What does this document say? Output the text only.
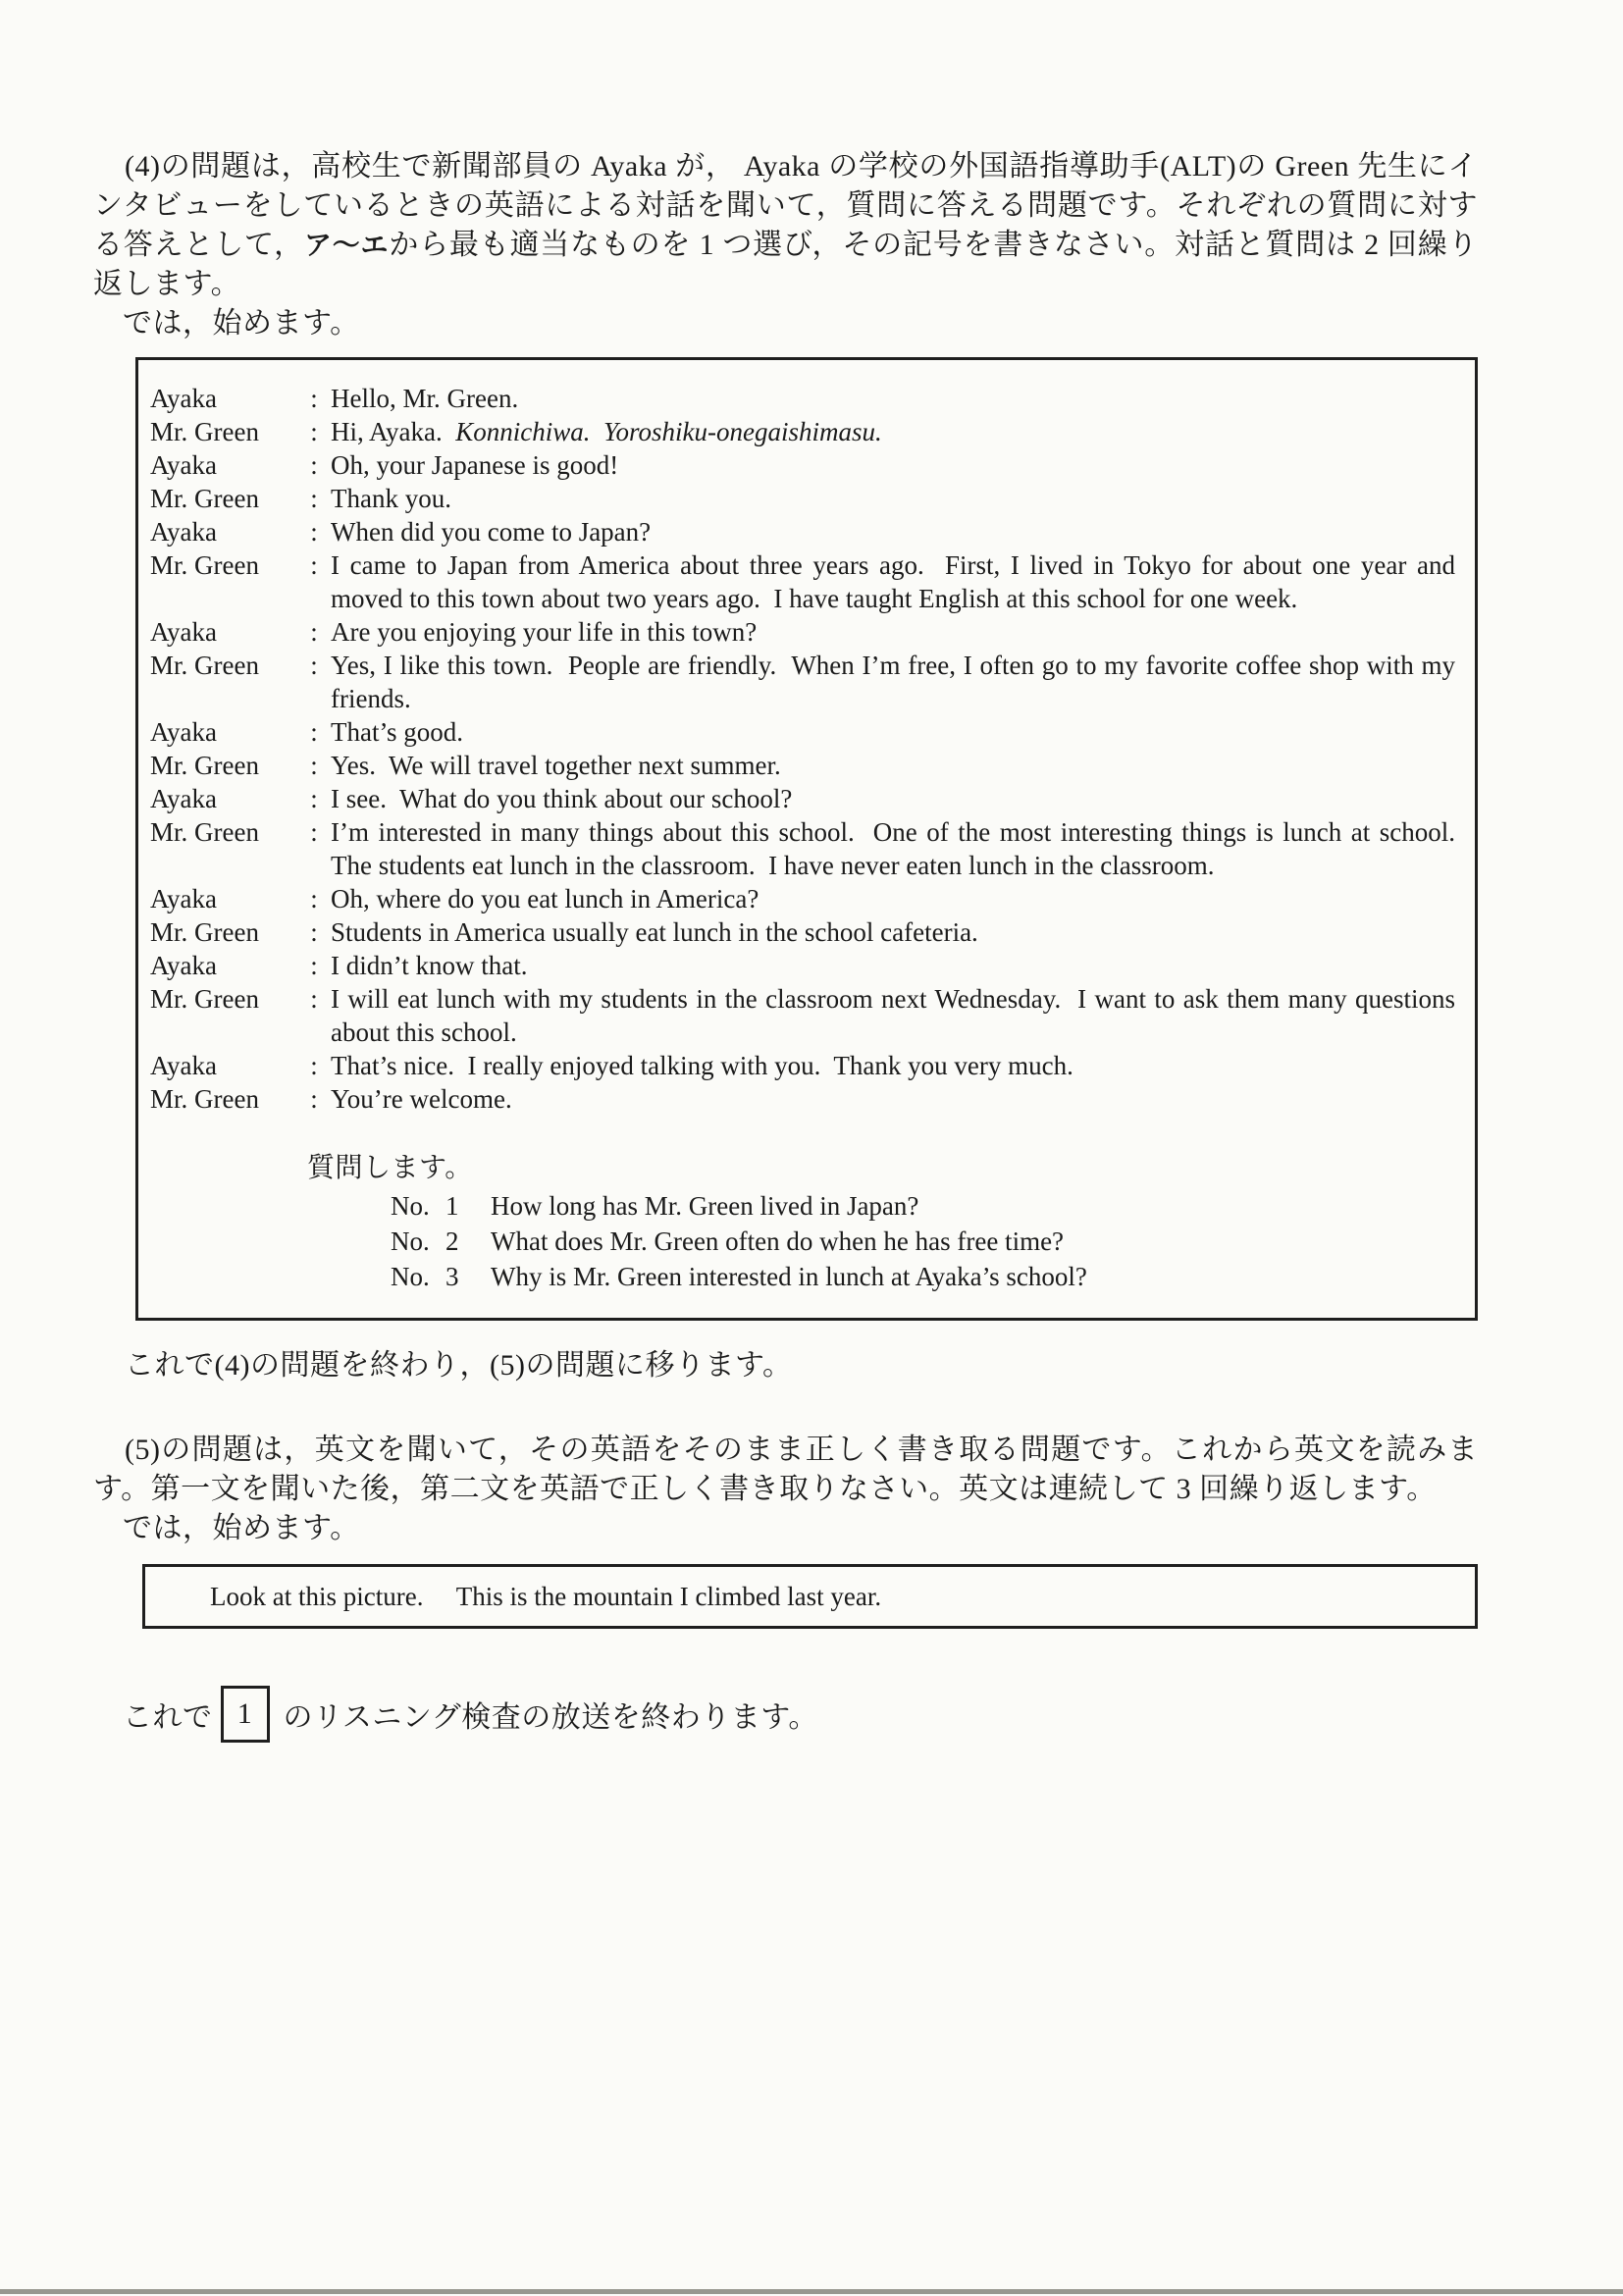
(4)の問題は，高校生で新聞部員の Ayaka が， Ayaka の学校の外国語指導助手(ALT)の Green 先生にインタビューをしているときの英語による対話を聞いて，質問に答える問題です。それぞれの質問に対する答えとして，ア～エから最も適当なものを 1 つ選び，その記号を書きなさい。対話と質問は 2 回繰り返します。

では，始めます。

Ayaka	: Hello, Mr. Green.
Mr. Green	: Hi, Ayaka.  Konnichiwa.  Yoroshiku-onegaishimasu.
Ayaka	: Oh, your Japanese is good!
Mr. Green	: Thank you.
Ayaka	: When did you come to Japan?
Mr. Green	: I came to Japan from America about three years ago.  First, I lived in Tokyo for about one year and moved to this town about two years ago.  I have taught English at this school for one week.
Ayaka	: Are you enjoying your life in this town?
Mr. Green	: Yes, I like this town.  People are friendly.  When I’m free, I often go to my favorite coffee shop with my friends.
Ayaka	: That’s good.
Mr. Green	: Yes.  We will travel together next summer.
Ayaka	: I see.  What do you think about our school?
Mr. Green	: I’m interested in many things about this school.  One of the most interesting things is lunch at school.  The students eat lunch in the classroom.  I have never eaten lunch in the classroom.
Ayaka	: Oh, where do you eat lunch in America?
Mr. Green	: Students in America usually eat lunch in the school cafeteria.
Ayaka	: I didn’t know that.
Mr. Green	: I will eat lunch with my students in the classroom next Wednesday.  I want to ask them many questions about this school.
Ayaka	: That’s nice.  I really enjoyed talking with you.  Thank you very much.
Mr. Green	: You’re welcome.

質問します。

No. 1	How long has Mr. Green lived in Japan?
No. 2	What does Mr. Green often do when he has free time?
No. 3	Why is Mr. Green interested in lunch at Ayaka’s school?

これで(4)の問題を終わり，(5)の問題に移ります。

(5)の問題は，英文を聞いて，その英語をそのまま正しく書き取る問題です。これから英文を読みます。第一文を聞いた後，第二文を英語で正しく書き取りなさい。英文は連続して 3 回繰り返します。

では，始めます。

Look at this picture.     This is the mountain I climbed last year.
これで 1 のリスニング検査の放送を終わります。
